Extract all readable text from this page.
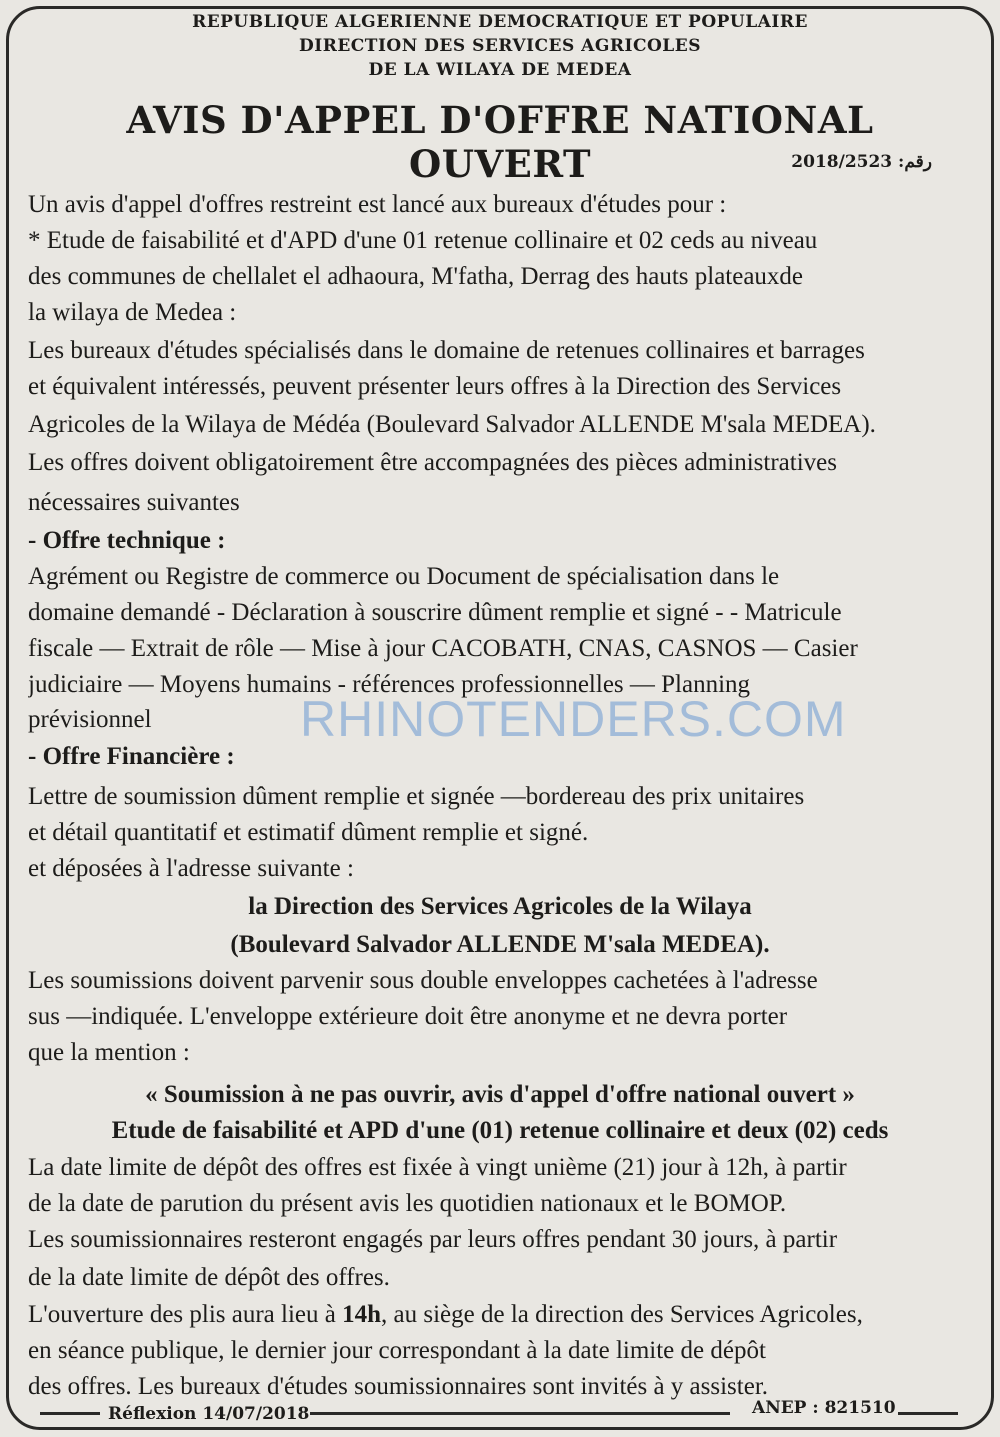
REPUBLIQUE ALGERIENNE DEMOCRATIQUE ET POPULAIRE
DIRECTION DES SERVICES AGRICOLES
DE LA WILAYA DE MEDEA
AVIS D'APPEL D'OFFRE NATIONAL OUVERT	2018/2523 :رقم
Un avis d'appel d'offres restreint est lancé aux bureaux d'études pour :
* Etude de faisabilité et d'APD d'une 01 retenue collinaire et 02 ceds au niveau
des communes de chellalet el adhaoura, M'fatha, Derrag des hauts plateauxde
la wilaya de Medea :
Les bureaux d'études spécialisés dans le domaine de retenues collinaires et barrages
et équivalent intéressés, peuvent présenter leurs offres à la Direction des Services
Agricoles de la Wilaya de Médéa (Boulevard Salvador ALLENDE M'sala MEDEA).
Les offres doivent obligatoirement être accompagnées des pièces administratives
nécessaires suivantes
- Offre technique :
Agrément ou Registre de commerce ou Document de spécialisation dans le
domaine demandé - Déclaration à souscrire dûment remplie et signé - - Matricule
fiscale — Extrait de rôle — Mise à jour CACOBATH, CNAS, CASNOS — Casier
judiciaire — Moyens humains - références professionnelles — Planning
prévisionnel
- Offre Financière :
Lettre de soumission dûment remplie et signée —bordereau des prix unitaires
et détail quantitatif et estimatif dûment remplie et signé.
et déposées à l'adresse suivante :
la Direction des Services Agricoles de la Wilaya
(Boulevard Salvador ALLENDE M'sala MEDEA).
Les soumissions doivent parvenir sous double enveloppes cachetées à l'adresse
sus —indiquée. L'enveloppe extérieure doit être anonyme et ne devra porter
que la mention :
« Soumission à ne pas ouvrir, avis d'appel d'offre national ouvert »
Etude de faisabilité et APD d'une (01) retenue collinaire et deux (02) ceds
La date limite de dépôt des offres est fixée à vingt unième (21) jour à 12h, à partir
de la date de parution du présent avis les quotidien nationaux et le BOMOP.
Les soumissionnaires resteront engagés par leurs offres pendant 30 jours, à partir
de la date limite de dépôt des offres.
L'ouverture des plis aura lieu à 14h, au siège de la direction des Services Agricoles,
en séance publique, le dernier jour correspondant à la date limite de dépôt
des offres. Les bureaux d'études soumissionnaires sont invités à y assister.
RHINOTENDERS.COM
Réflexion 14/07/2018	ANEP : 821510
